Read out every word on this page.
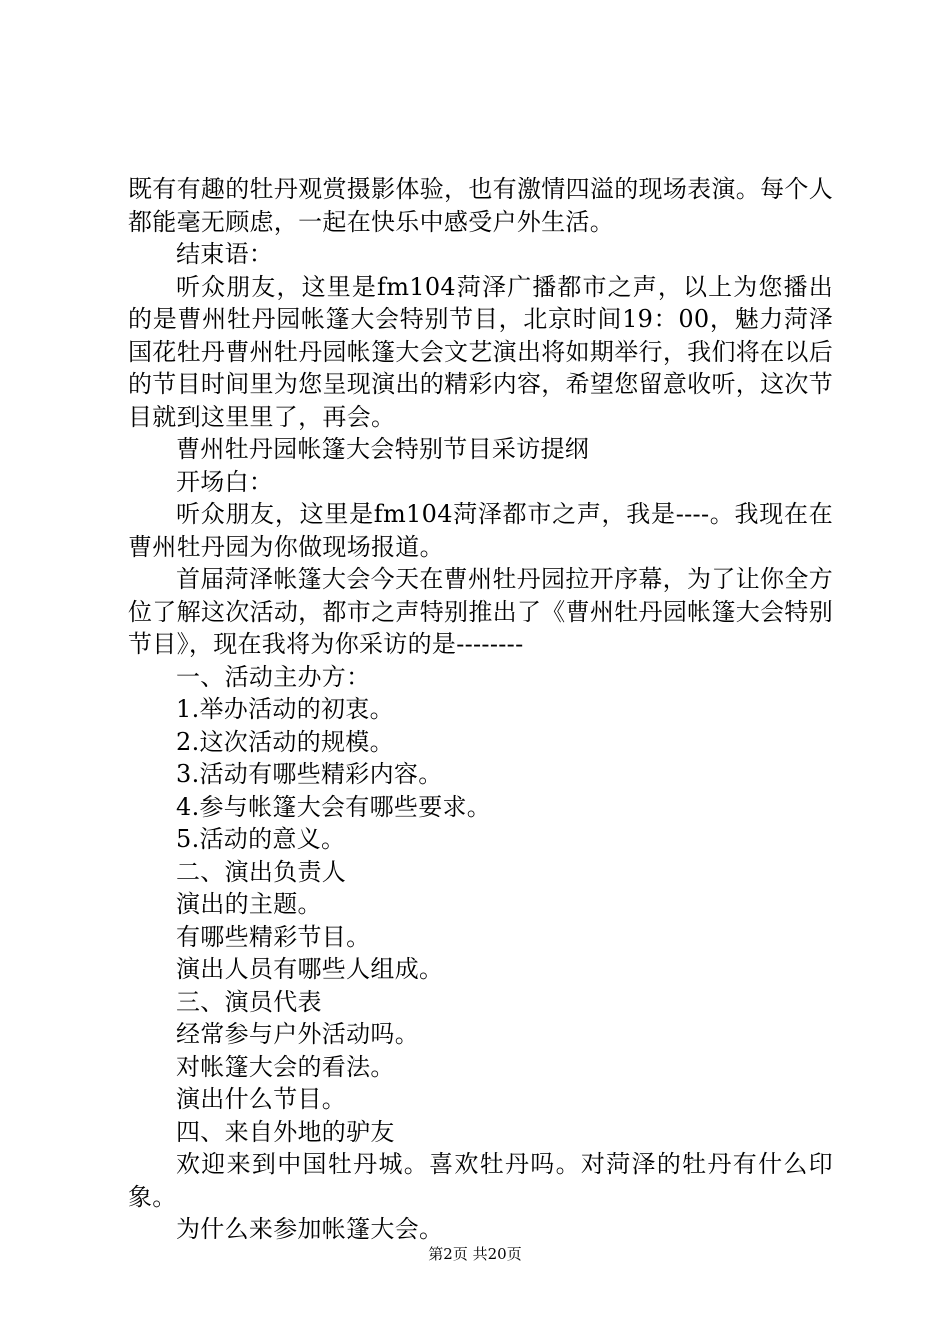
既有有趣的牡丹观赏摄影体验，也有激情四溢的现场表演。每个人都能毫无顾虑，一起在快乐中感受户外生活。

结束语：

听众朋友，这里是fm104菏泽广播都市之声，以上为您播出的是曹州牡丹园帐篷大会特别节目，北京时间19：00，魅力菏泽国花牡丹曹州牡丹园帐篷大会文艺演出将如期举行，我们将在以后的节目时间里为您呈现演出的精彩内容，希望您留意收听，这次节目就到这里里了，再会。

曹州牡丹园帐篷大会特别节目采访提纲

开场白：

听众朋友，这里是fm104菏泽都市之声，我是----。我现在在曹州牡丹园为你做现场报道。

首届菏泽帐篷大会今天在曹州牡丹园拉开序幕，为了让你全方位了解这次活动，都市之声特别推出了《曹州牡丹园帐篷大会特别节目》，现在我将为你采访的是--------

一、活动主办方：

1.举办活动的初衷。

2.这次活动的规模。

3.活动有哪些精彩内容。

4.参与帐篷大会有哪些要求。

5.活动的意义。

二、演出负责人

演出的主题。

有哪些精彩节目。

演出人员有哪些人组成。

三、演员代表

经常参与户外活动吗。

对帐篷大会的看法。

演出什么节目。

四、来自外地的驴友

欢迎来到中国牡丹城。喜欢牡丹吗。对菏泽的牡丹有什么印象。

为什么来参加帐篷大会。

第2页 共20页
